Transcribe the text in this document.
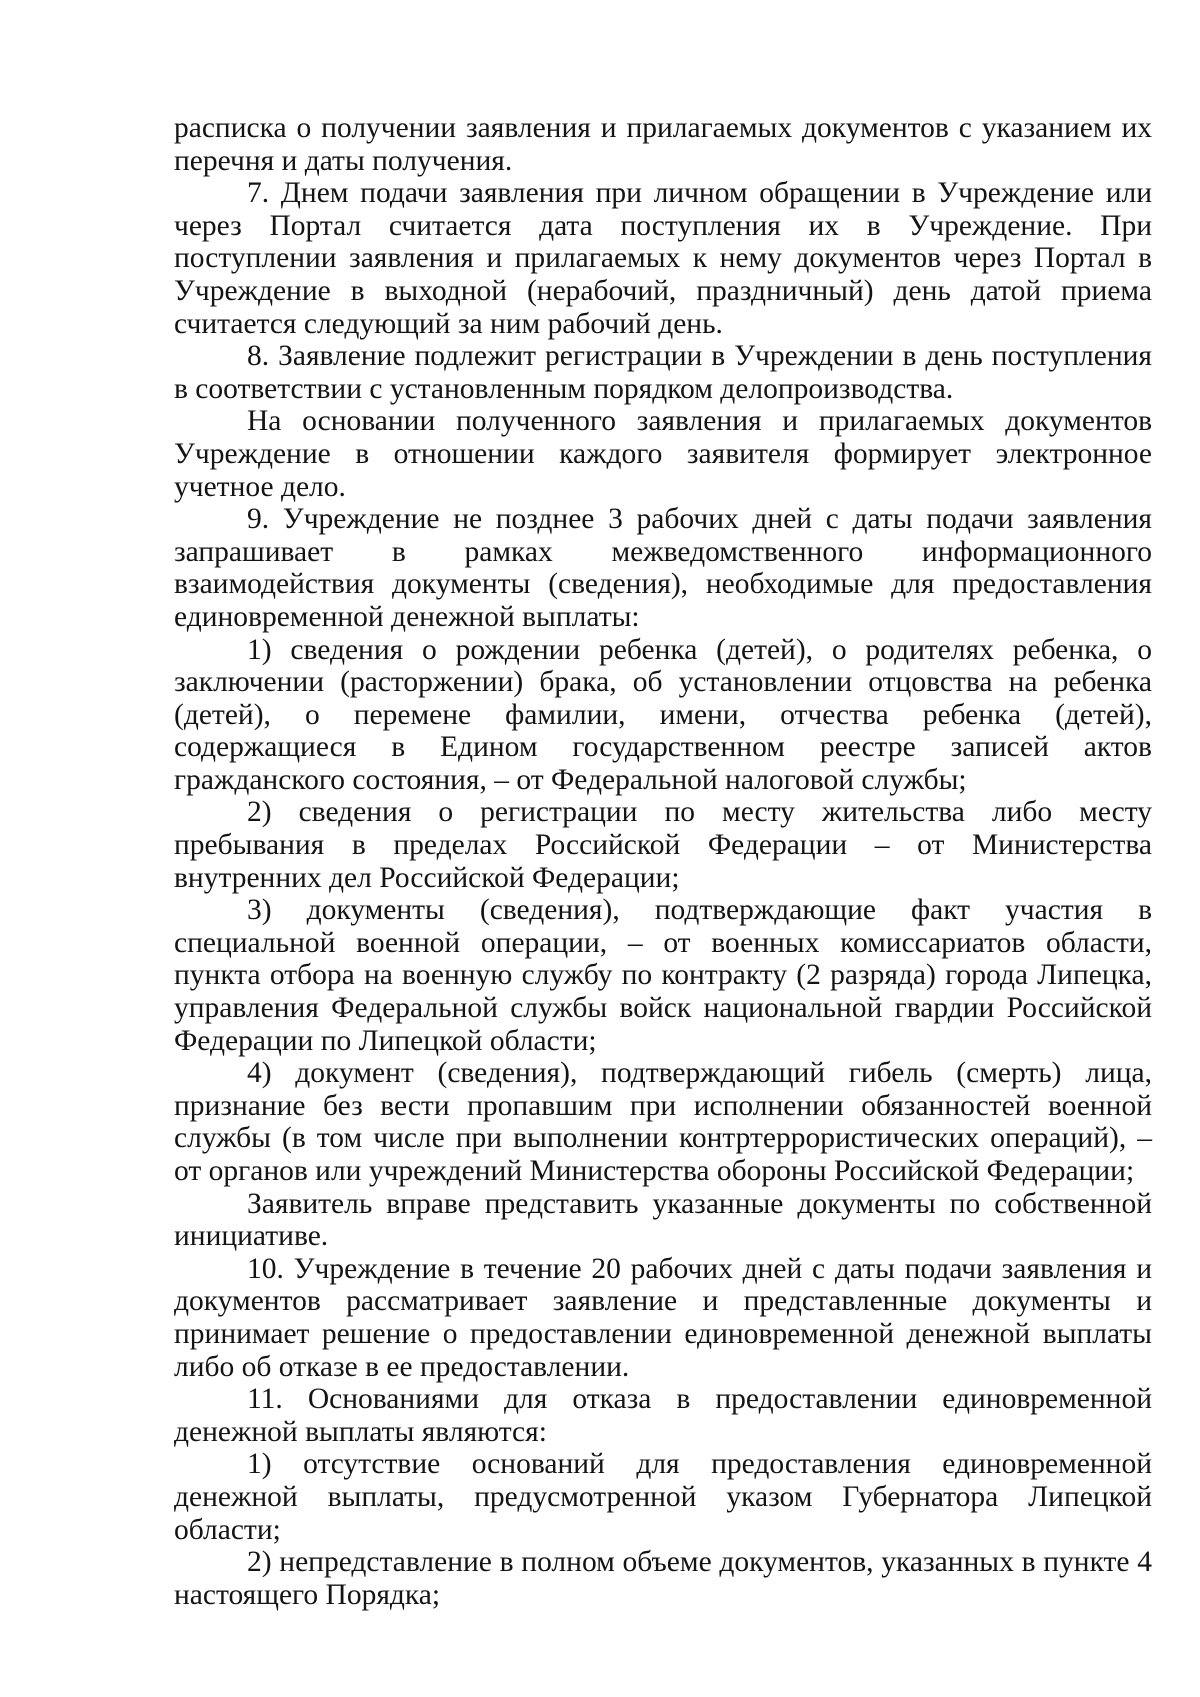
расписка о получении заявления и прилагаемых документов с указанием их перечня и даты получения.

7. Днем подачи заявления при личном обращении в Учреждение или через Портал считается дата поступления их в Учреждение. При поступлении заявления и прилагаемых к нему документов через Портал в Учреждение в выходной (нерабочий, праздничный) день датой приема считается следующий за ним рабочий день.

8. Заявление подлежит регистрации в Учреждении в день поступления в соответствии с установленным порядком делопроизводства.

На основании полученного заявления и прилагаемых документов Учреждение в отношении каждого заявителя формирует электронное учетное дело.

9. Учреждение не позднее 3 рабочих дней с даты подачи заявления запрашивает в рамках межведомственного информационного взаимодействия документы (сведения), необходимые для предоставления единовременной денежной выплаты:

1) сведения о рождении ребенка (детей), о родителях ребенка, о заключении (расторжении) брака, об установлении отцовства на ребенка (детей), о перемене фамилии, имени, отчества ребенка (детей), содержащиеся в Едином государственном реестре записей актов гражданского состояния, – от Федеральной налоговой службы;

2) сведения о регистрации по месту жительства либо месту пребывания в пределах Российской Федерации – от Министерства внутренних дел Российской Федерации;

3) документы (сведения), подтверждающие факт участия в специальной военной операции, – от военных комиссариатов области, пункта отбора на военную службу по контракту (2 разряда) города Липецка, управления Федеральной службы войск национальной гвардии Российской Федерации по Липецкой области;

4) документ (сведения), подтверждающий гибель (смерть) лица, признание без вести пропавшим при исполнении обязанностей военной службы (в том числе при выполнении контртеррористических операций), – от органов или учреждений Министерства обороны Российской Федерации;

Заявитель вправе представить указанные документы по собственной инициативе.

10. Учреждение в течение 20 рабочих дней с даты подачи заявления и документов рассматривает заявление и представленные документы и принимает решение о предоставлении единовременной денежной выплаты либо об отказе в ее предоставлении.

11. Основаниями для отказа в предоставлении единовременной денежной выплаты являются:

1) отсутствие оснований для предоставления единовременной денежной выплаты, предусмотренной указом Губернатора Липецкой области;

2) непредставление в полном объеме документов, указанных в пункте 4 настоящего Порядка;
